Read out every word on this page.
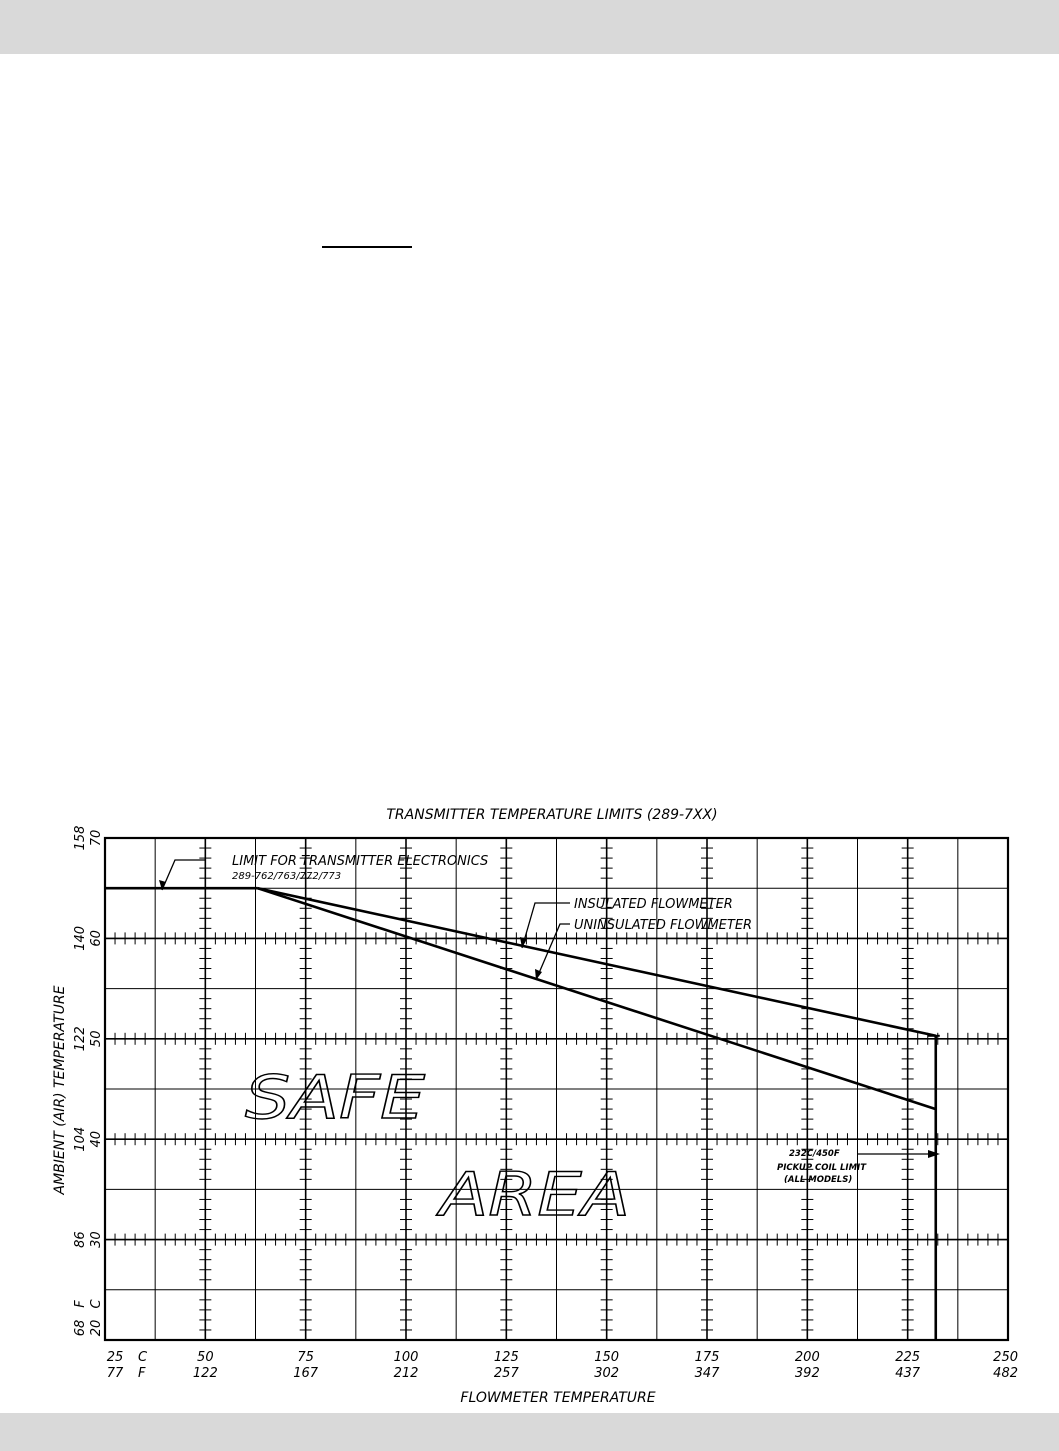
TRANSMITTER TEMPERATURE LIMITS (289-7XX)
FLOWMETER TEMPERATURE
AMBIENT (AIR) TEMPERATURE
25
77
50
122
75
167
100
212
125
257
150
302
175
347
200
392
225
437
250
482
C
F
20
68
30
86
40
104
50
122
60
140
70
158
C
F
SAFE
AREA
LIMIT FOR TRANSMITTER ELECTRONICS
289-762/763/772/773
INSULATED FLOWMETER
UNINSULATED FLOWMETER
232C/450F
PICKUP COIL LIMIT
(ALL MODELS)
